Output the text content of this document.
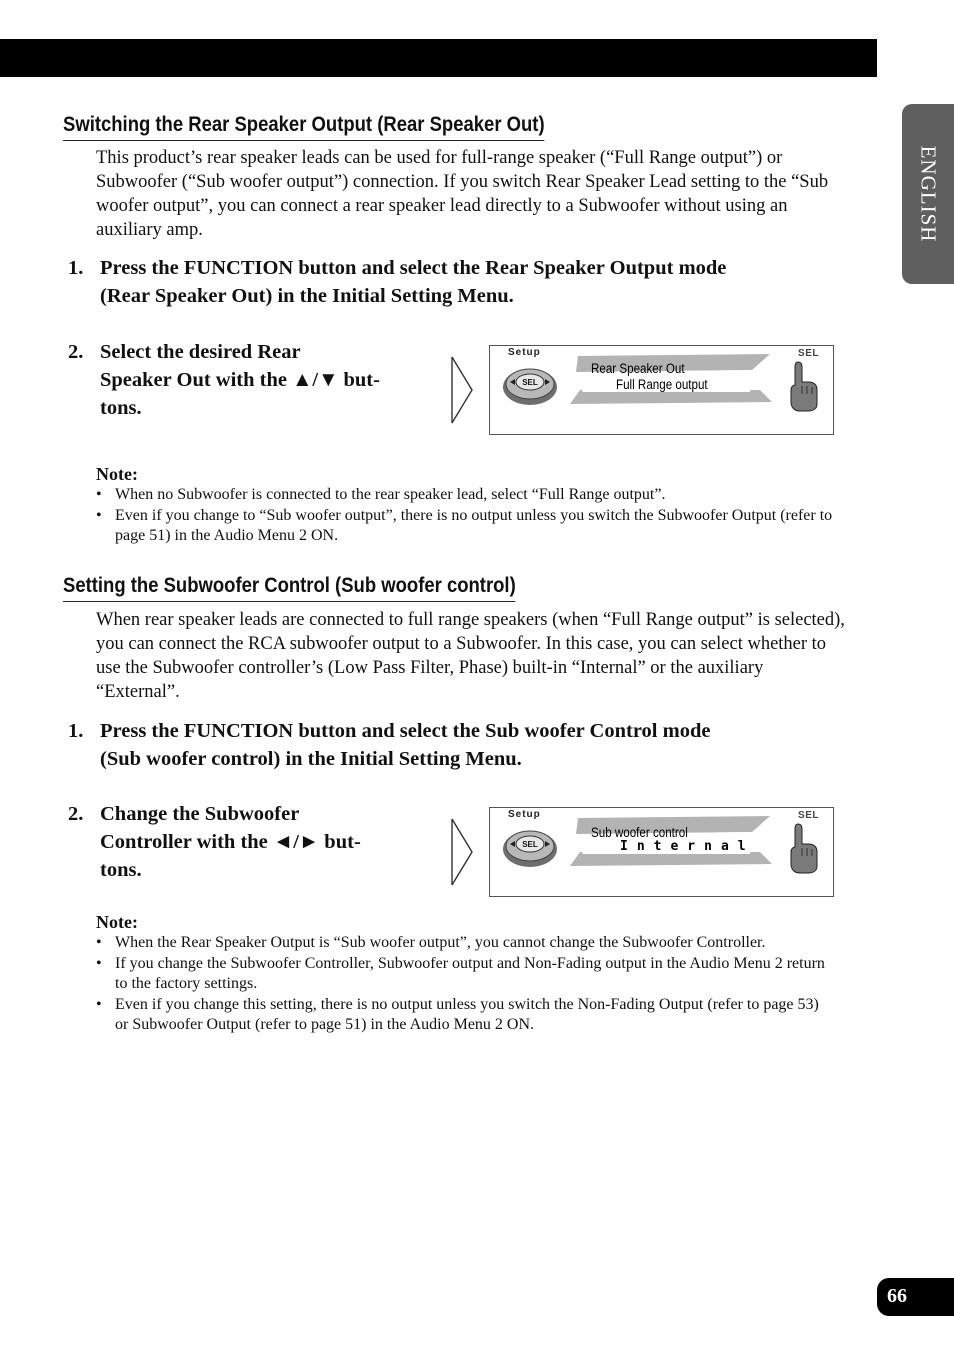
ENGLISH
Switching the Rear Speaker Output (Rear Speaker Out)

This product’s rear speaker leads can be used for full-range speaker (“Full Range output”) or Subwoofer (“Sub woofer output”) connection. If you switch Rear Speaker Lead setting to the “Sub woofer output”, you can connect a rear speaker lead directly to a Subwoofer without using an auxiliary amp.

1. Press the FUNCTION button and select the Rear Speaker Output mode
(Rear Speaker Out) in the Initial Setting Menu.
2. Select the desired Rear
Speaker Out with the ▲/▼ but-
tons.
Setup	SEL
SEL
Rear Speaker Out
Full Range output
Note:
• When no Subwoofer is connected to the rear speaker lead, select “Full Range output”.
• Even if you change to “Sub woofer output”, there is no output unless you switch the Subwoofer Output (refer to page 51) in the Audio Menu 2 ON.
Setting the Subwoofer Control (Sub woofer control)

When rear speaker leads are connected to full range speakers (when “Full Range output” is selected), you can connect the RCA subwoofer output to a Subwoofer. In this case, you can select whether to use the Subwoofer controller’s (Low Pass Filter, Phase) built-in “Internal” or the auxiliary “External”.

1. Press the FUNCTION button and select the Sub woofer Control mode
(Sub woofer control) in the Initial Setting Menu.
2. Change the Subwoofer
Controller with the ◄/► but-
tons.
Setup	SEL
SEL
Sub woofer control
Internal
Note:
• When the Rear Speaker Output is “Sub woofer output”, you cannot change the Subwoofer Controller.
• If you change the Subwoofer Controller, Subwoofer output and Non-Fading output in the Audio Menu 2 return to the factory settings.
• Even if you change this setting, there is no output unless you switch the Non-Fading Output (refer to page 53) or Subwoofer Output (refer to page 51) in the Audio Menu 2 ON.
66
